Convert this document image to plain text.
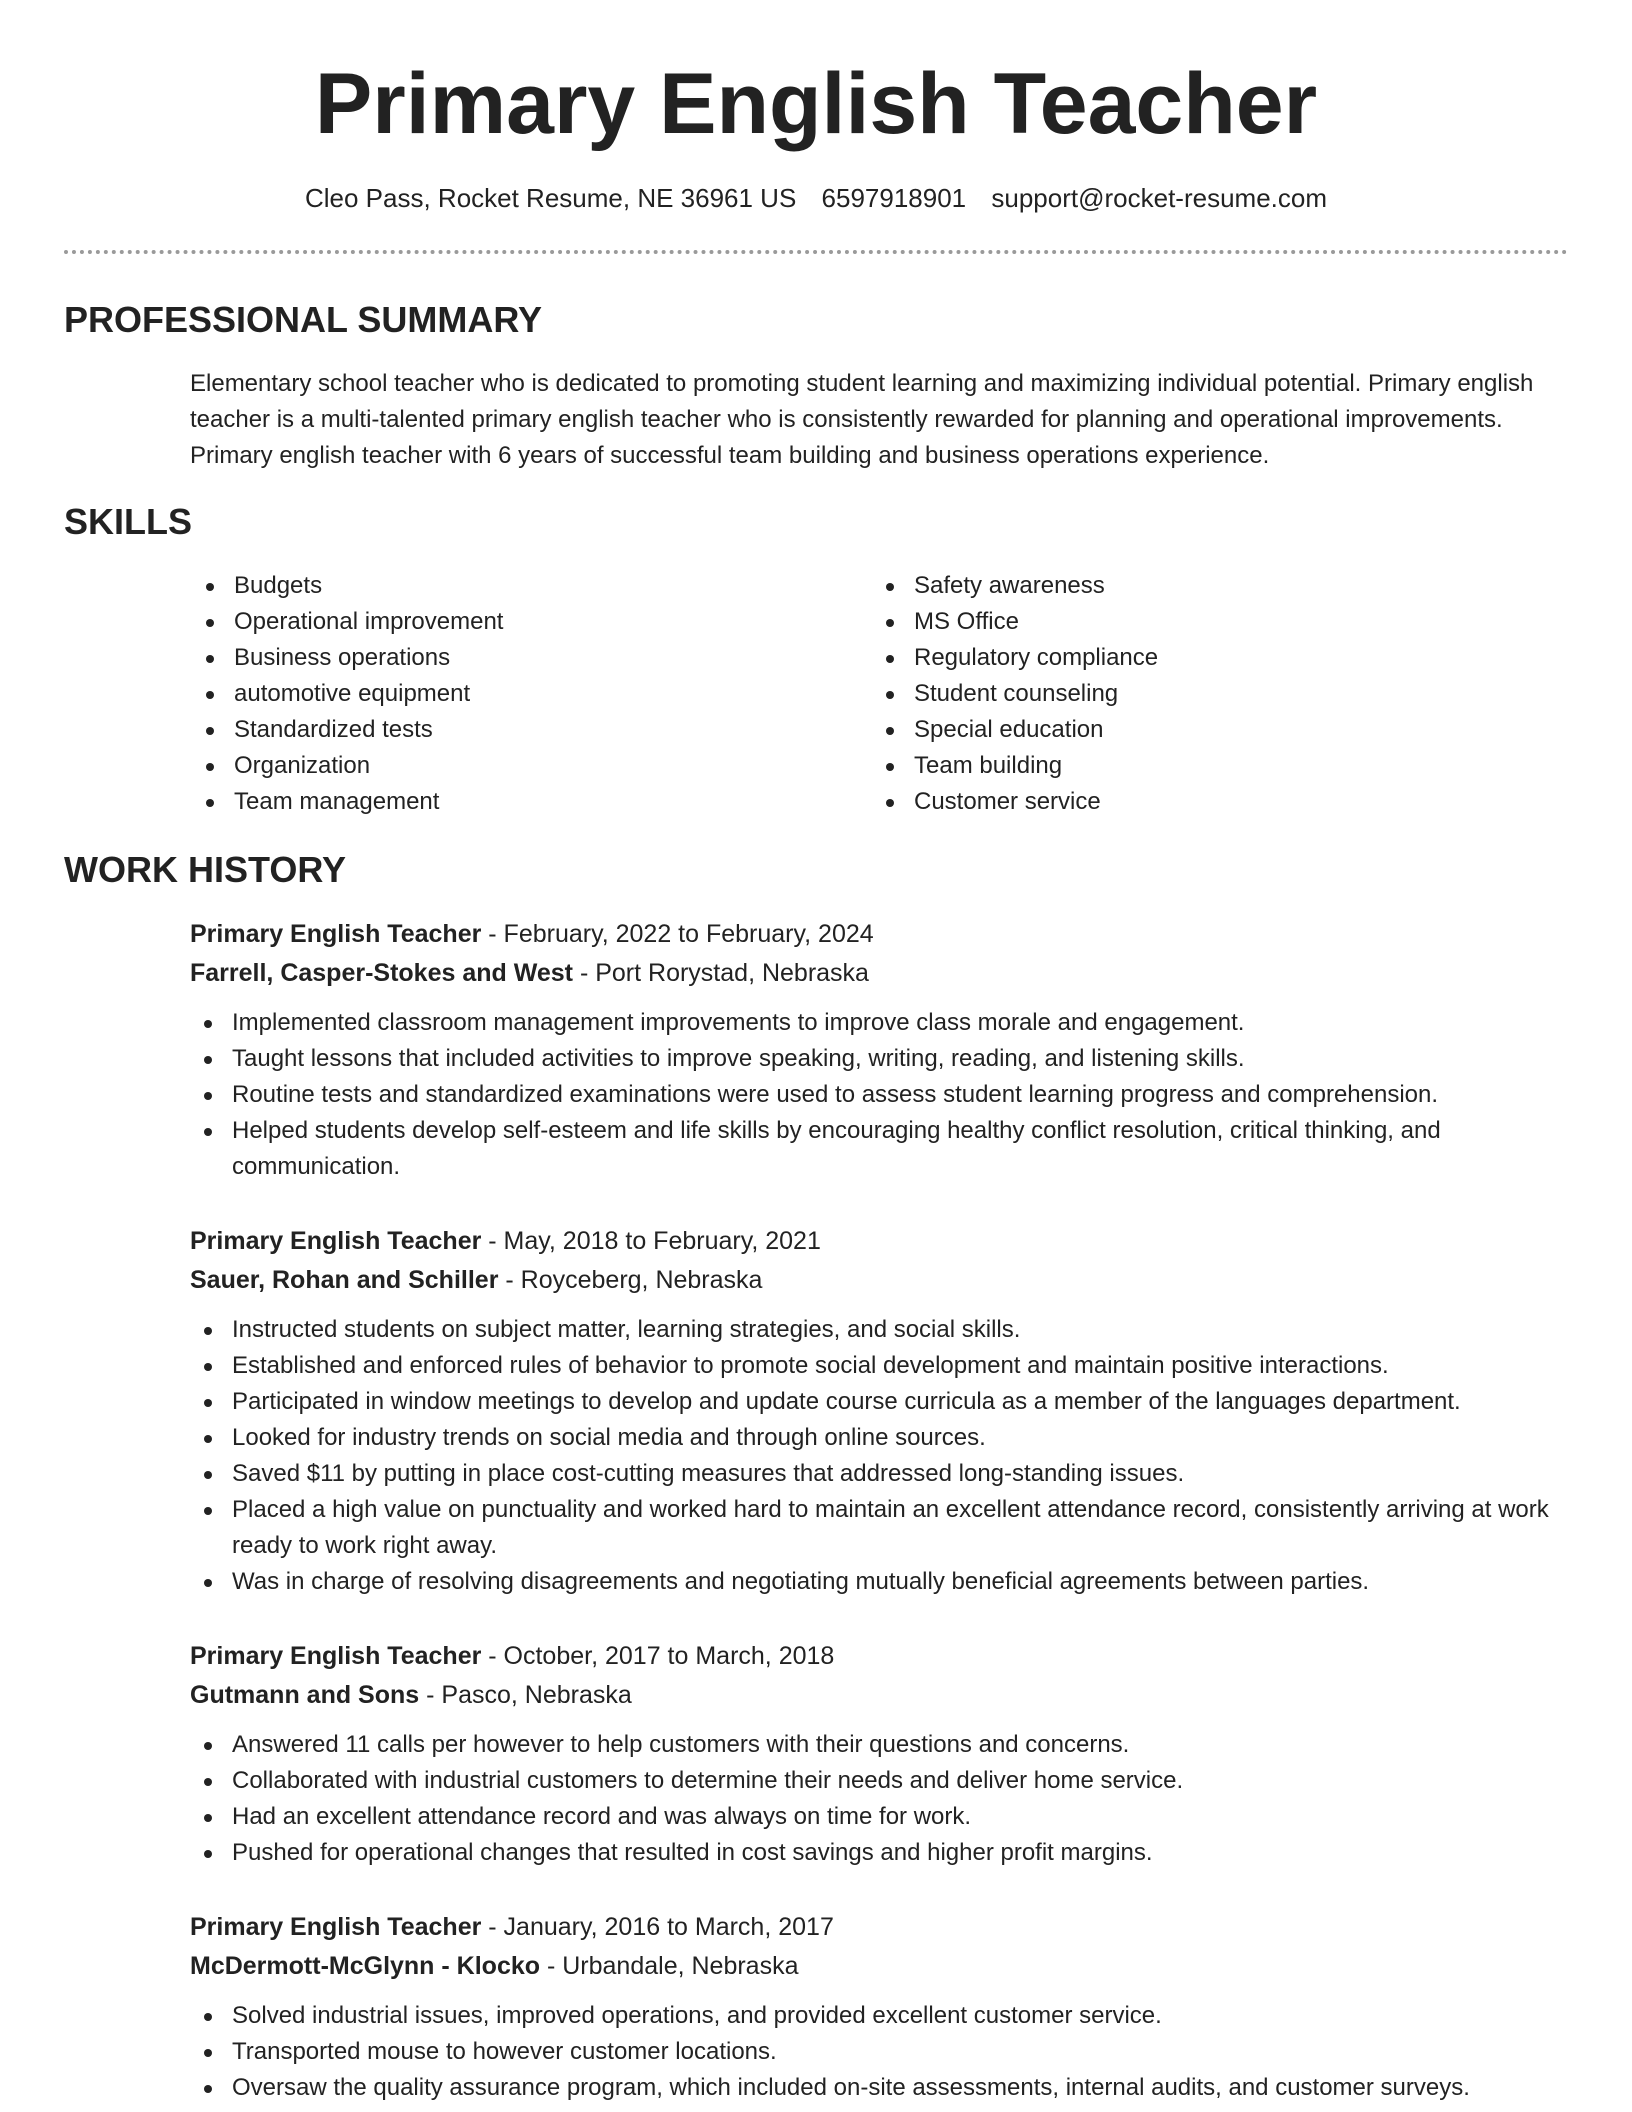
Primary English Teacher
Cleo Pass, Rocket Resume, NE 36961 US 6597918901 support@rocket-resume.com
PROFESSIONAL SUMMARY

Elementary school teacher who is dedicated to promoting student learning and maximizing individual potential. Primary english teacher is a multi-talented primary english teacher who is consistently rewarded for planning and operational improvements. Primary english teacher with 6 years of successful team building and business operations experience.

SKILLS
Budgets
Operational improvement
Business operations
automotive equipment
Standardized tests
Organization
Team management
Safety awareness
MS Office
Regulatory compliance
Student counseling
Special education
Team building
Customer service
WORK HISTORY

Primary English Teacher - February, 2022 to February, 2024

Farrell, Casper-Stokes and West - Port Rorystad, Nebraska

Implemented classroom management improvements to improve class morale and engagement.
Taught lessons that included activities to improve speaking, writing, reading, and listening skills.
Routine tests and standardized examinations were used to assess student learning progress and comprehension.
Helped students develop self-esteem and life skills by encouraging healthy conflict resolution, critical thinking, and communication.

Primary English Teacher - May, 2018 to February, 2021

Sauer, Rohan and Schiller - Royceberg, Nebraska

Instructed students on subject matter, learning strategies, and social skills.
Established and enforced rules of behavior to promote social development and maintain positive interactions.
Participated in window meetings to develop and update course curricula as a member of the languages department.
Looked for industry trends on social media and through online sources.
Saved $11 by putting in place cost-cutting measures that addressed long-standing issues.
Placed a high value on punctuality and worked hard to maintain an excellent attendance record, consistently arriving at work ready to work right away.
Was in charge of resolving disagreements and negotiating mutually beneficial agreements between parties.

Primary English Teacher - October, 2017 to March, 2018

Gutmann and Sons - Pasco, Nebraska

Answered 11 calls per however to help customers with their questions and concerns.
Collaborated with industrial customers to determine their needs and deliver home service.
Had an excellent attendance record and was always on time for work.
Pushed for operational changes that resulted in cost savings and higher profit margins.

Primary English Teacher - January, 2016 to March, 2017

McDermott-McGlynn - Klocko - Urbandale, Nebraska

Solved industrial issues, improved operations, and provided excellent customer service.
Transported mouse to however customer locations.
Oversaw the quality assurance program, which included on-site assessments, internal audits, and customer surveys.
